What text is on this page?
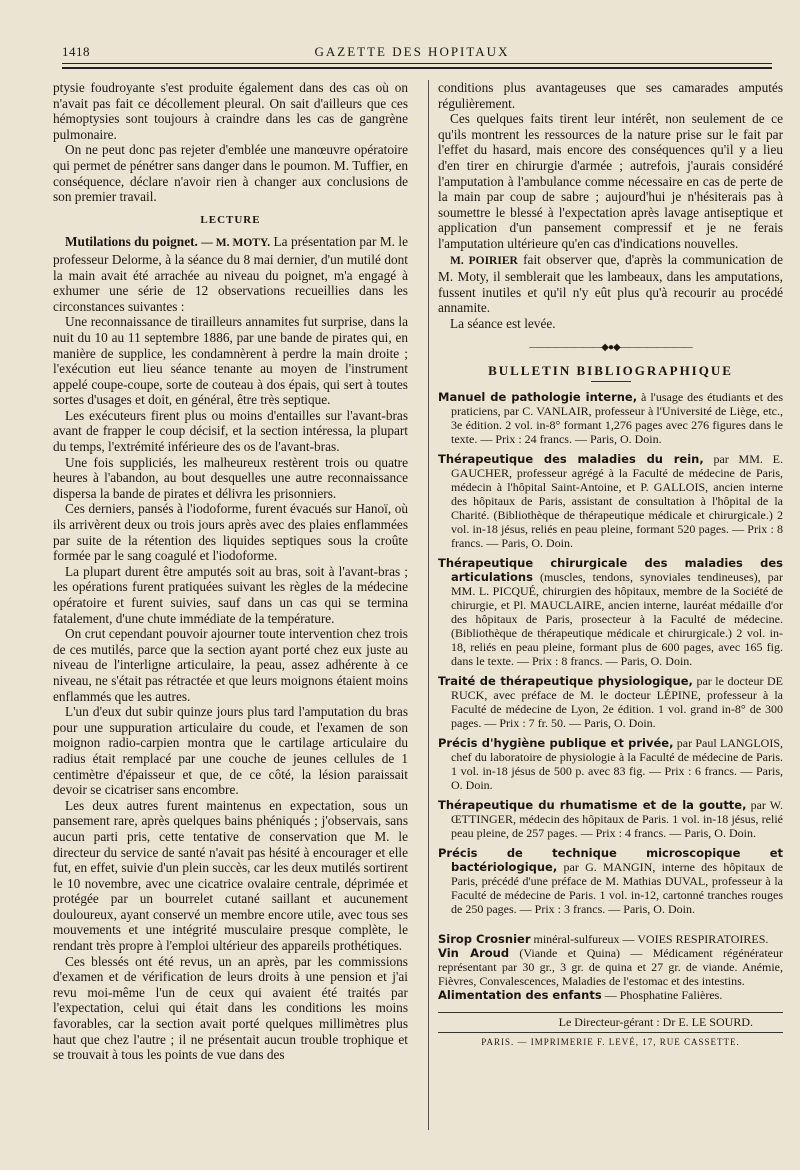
1418	GAZETTE DES HOPITAUX

ptysie foudroyante s'est produite également dans des cas où on n'avait pas fait ce décollement pleural. On sait d'ailleurs que ces hémoptysies sont toujours à craindre dans les cas de gangrène pulmonaire.

On ne peut donc pas rejeter d'emblée une manœuvre opératoire qui permet de pénétrer sans danger dans le poumon. M. Tuffier, en conséquence, déclare n'avoir rien à changer aux conclusions de son premier travail.

LECTURE

Mutilations du poignet. — M. MOTY. La présentation par M. le professeur Delorme, à la séance du 8 mai dernier, d'un mutilé dont la main avait été arrachée au niveau du poignet, m'a engagé à exhumer une série de 12 observations recueillies dans les circonstances suivantes :

Une reconnaissance de tirailleurs annamites fut surprise, dans la nuit du 10 au 11 septembre 1886, par une bande de pirates qui, en manière de supplice, les condamnèrent à perdre la main droite ; l'exécution eut lieu séance tenante au moyen de l'instrument appelé coupe-coupe, sorte de couteau à dos épais, qui sert à toutes sortes d'usages et doit, en général, être très septique.

Les exécuteurs firent plus ou moins d'entailles sur l'avant-bras avant de frapper le coup décisif, et la section intéressa, la plupart du temps, l'extrémité inférieure des os de l'avant-bras.

Une fois suppliciés, les malheureux restèrent trois ou quatre heures à l'abandon, au bout desquelles une autre reconnaissance dispersa la bande de pirates et délivra les prisonniers.

Ces derniers, pansés à l'iodoforme, furent évacués sur Hanoï, où ils arrivèrent deux ou trois jours après avec des plaies enflammées par suite de la rétention des liquides septiques sous la croûte formée par le sang coagulé et l'iodoforme.

La plupart durent être amputés soit au bras, soit à l'avant-bras ; les opérations furent pratiquées suivant les règles de la médecine opératoire et furent suivies, sauf dans un cas qui se termina fatalement, d'une chute immédiate de la température.

On crut cependant pouvoir ajourner toute intervention chez trois de ces mutilés, parce que la section ayant porté chez eux juste au niveau de l'interligne articulaire, la peau, assez adhérente à ce niveau, ne s'était pas rétractée et que leurs moignons étaient moins enflammés que les autres.

L'un d'eux dut subir quinze jours plus tard l'amputation du bras pour une suppuration articulaire du coude, et l'examen de son moignon radio-carpien montra que le cartilage articulaire du radius était remplacé par une couche de jeunes cellules de 1 centimètre d'épaisseur et que, de ce côté, la lésion paraissait devoir se cicatriser sans encombre.

Les deux autres furent maintenus en expectation, sous un pansement rare, après quelques bains phéniqués ; j'observais, sans aucun parti pris, cette tentative de conservation que M. le directeur du service de santé n'avait pas hésité à encourager et elle fut, en effet, suivie d'un plein succès, car les deux mutilés sortirent le 10 novembre, avec une cicatrice ovalaire centrale, déprimée et protégée par un bourrelet cutané saillant et aucunement douloureux, ayant conservé un membre encore utile, avec tous ses mouvements et une intégrité musculaire presque complète, le rendant très propre à l'emploi ultérieur des appareils prothétiques.

Ces blessés ont été revus, un an après, par les commissions d'examen et de vérification de leurs droits à une pension et j'ai revu moi-même l'un de ceux qui avaient été traités par l'expectation, celui qui était dans les conditions les moins favorables, car la section avait porté quelques millimètres plus haut que chez l'autre ; il ne présentait aucun trouble trophique et se trouvait à tous les points de vue dans des

conditions plus avantageuses que ses camarades amputés régulièrement.

Ces quelques faits tirent leur intérêt, non seulement de ce qu'ils montrent les ressources de la nature prise sur le fait par l'effet du hasard, mais encore des conséquences qu'il y a lieu d'en tirer en chirurgie d'armée ; autrefois, j'aurais considéré l'amputation à l'ambulance comme nécessaire en cas de perte de la main par coup de sabre ; aujourd'hui je n'hésiterais pas à soumettre le blessé à l'expectation après lavage antiseptique et application d'un pansement compressif et je ne ferais l'amputation ultérieure qu'en cas d'indications nouvelles.

M. POIRIER fait observer que, d'après la communication de M. Moty, il semblerait que les lambeaux, dans les amputations, fussent inutiles et qu'il n'y eût plus qu'à recourir au procédé annamite.

La séance est levée.

————————◆●◆————————
BULLETIN BIBLIOGRAPHIQUE
Manuel de pathologie interne, à l'usage des étudiants et des praticiens, par C. VANLAIR, professeur à l'Université de Liège, etc., 3e édition. 2 vol. in-8° formant 1,276 pages avec 276 figures dans le texte. — Prix : 24 francs. — Paris, O. Doin.
Thérapeutique des maladies du rein, par MM. E. GAUCHER, professeur agrégé à la Faculté de médecine de Paris, médecin à l'hôpital Saint-Antoine, et P. GALLOIS, ancien interne des hôpitaux de Paris, assistant de consultation à l'hôpital de la Charité. (Bibliothèque de thérapeutique médicale et chirurgicale.) 2 vol. in-18 jésus, reliés en peau pleine, formant 520 pages. — Prix : 8 francs. — Paris, O. Doin.
Thérapeutique chirurgicale des maladies des articulations (muscles, tendons, synoviales tendineuses), par MM. L. PICQUÉ, chirurgien des hôpitaux, membre de la Société de chirurgie, et Pl. MAUCLAIRE, ancien interne, lauréat médaille d'or des hôpitaux de Paris, prosecteur à la Faculté de médecine. (Bibliothèque de thérapeutique médicale et chirurgicale.) 2 vol. in-18, reliés en peau pleine, formant plus de 600 pages, avec 165 fig. dans le texte. — Prix : 8 francs. — Paris, O. Doin.
Traité de thérapeutique physiologique, par le docteur DE RUCK, avec préface de M. le docteur LÉPINE, professeur à la Faculté de médecine de Lyon, 2e édition. 1 vol. grand in-8° de 300 pages. — Prix : 7 fr. 50. — Paris, O. Doin.
Précis d'hygiène publique et privée, par Paul LANGLOIS, chef du laboratoire de physiologie à la Faculté de médecine de Paris. 1 vol. in-18 jésus de 500 p. avec 83 fig. — Prix : 6 francs. — Paris, O. Doin.
Thérapeutique du rhumatisme et de la goutte, par W. ŒTTINGER, médecin des hôpitaux de Paris. 1 vol. in-18 jésus, relié peau pleine, de 257 pages. — Prix : 4 francs. — Paris, O. Doin.
Précis de technique microscopique et bactériologique, par G. MANGIN, interne des hôpitaux de Paris, précédé d'une préface de M. Mathias DUVAL, professeur à la Faculté de médecine de Paris. 1 vol. in-12, cartonné tranches rouges de 250 pages. — Prix : 3 francs. — Paris, O. Doin.
Sirop Crosnier minéral-sulfureux — VOIES RESPIRATOIRES.
Vin Aroud (Viande et Quina) — Médicament régénérateur représentant par 30 gr., 3 gr. de quina et 27 gr. de viande. Anémie, Fièvres, Convalescences, Maladies de l'estomac et des intestins.
Alimentation des enfants — Phosphatine Falières.
Le Directeur-gérant : Dr E. LE SOURD.
PARIS. — IMPRIMERIE F. LEVÉ, 17, RUE CASSETTE.
